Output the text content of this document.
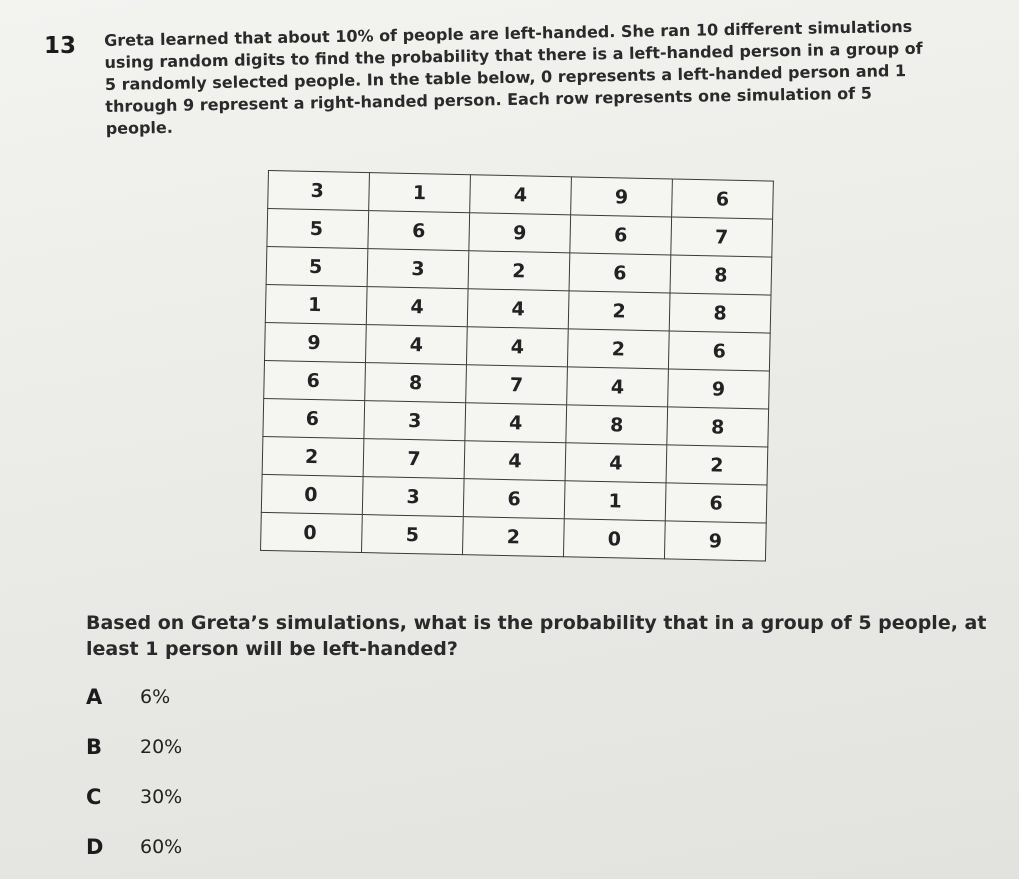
13 Greta learned that about 10% of people are left-handed. She ran 10 different simulations using random digits to find the probability that there is a left-handed person in a group of 5 randomly selected people. In the table below, 0 represents a left-handed person and 1 through 9 represent a right-handed person. Each row represents one simulation of 5 people.

3	1	4	9	6
5	6	9	6	7
5	3	2	6	8
1	4	4	2	8
9	4	4	2	6
6	8	7	4	9
6	3	4	8	8
2	7	4	4	2
0	3	6	1	6
0	5	2	0	9

Based on Greta’s simulations, what is the probability that in a group of 5 people, at least 1 person will be left-handed?

A	6%
B	20%
C	30%
D	60%
